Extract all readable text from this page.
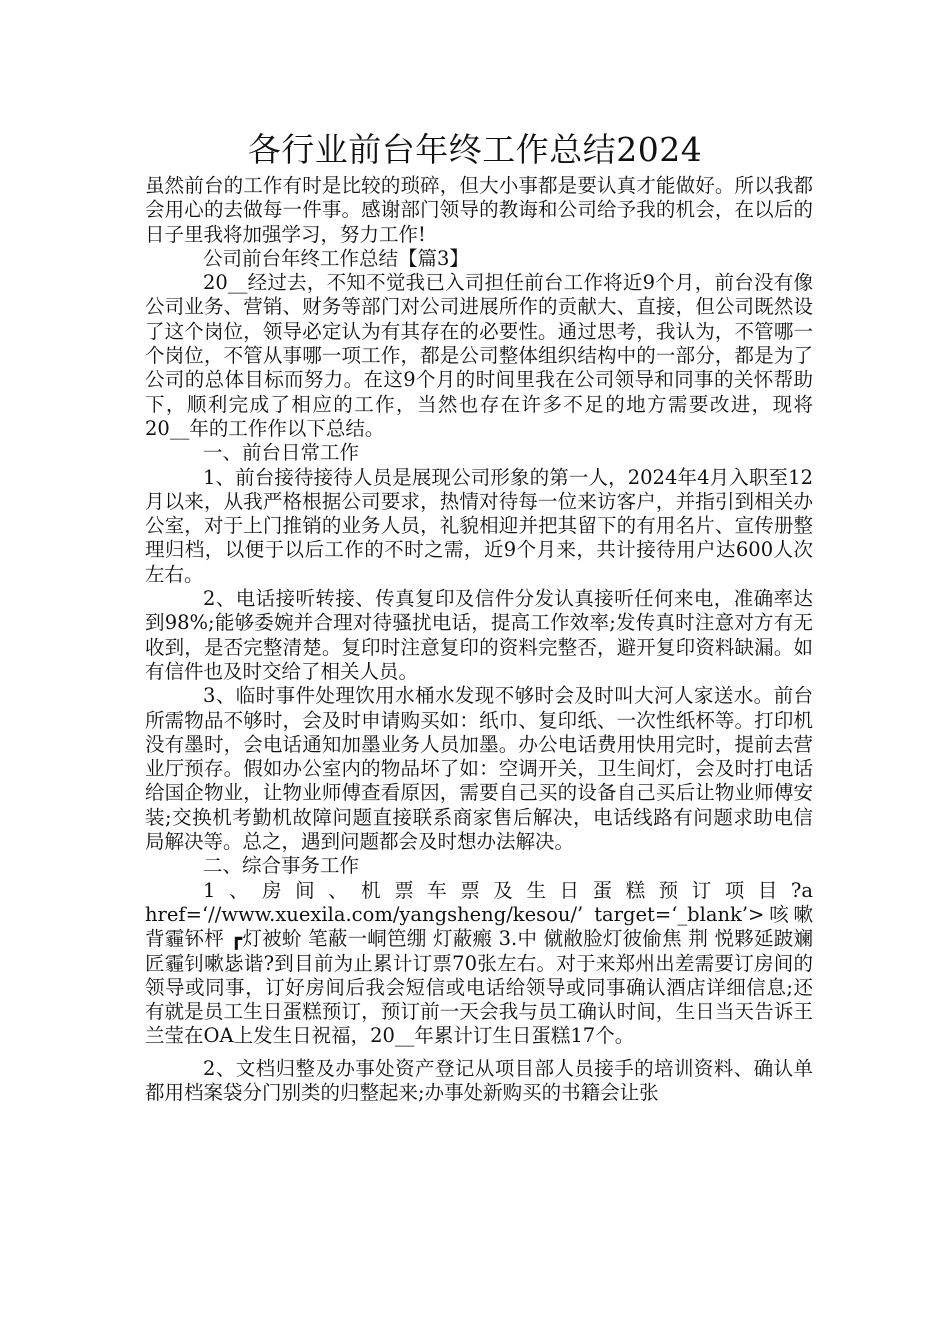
各行业前台年终工作总结2024

虽然前台的工作有时是比较的琐碎，但大小事都是要认真才能做好。所以我都会用心的去做每一件事。感谢部门领导的教诲和公司给予我的机会，在以后的日子里我将加强学习，努力工作!

公司前台年终工作总结【篇3】

20__经过去，不知不觉我已入司担任前台工作将近9个月，前台没有像公司业务、营销、财务等部门对公司进展所作的贡献大、直接，但公司既然设了这个岗位，领导必定认为有其存在的必要性。通过思考，我认为，不管哪一个岗位，不管从事哪一项工作，都是公司整体组织结构中的一部分，都是为了公司的总体目标而努力。在这9个月的时间里我在公司领导和同事的关怀帮助下，顺利完成了相应的工作，当然也存在许多不足的地方需要改进，现将20__年的工作作以下总结。

一、前台日常工作

1、前台接待接待人员是展现公司形象的第一人，2024年4月入职至12月以来，从我严格根据公司要求，热情对待每一位来访客户，并指引到相关办公室，对于上门推销的业务人员，礼貌相迎并把其留下的有用名片、宣传册整理归档，以便于以后工作的不时之需，近9个月来，共计接待用户达600人次左右。

2、电话接听转接、传真复印及信件分发认真接听任何来电，准确率达到98%;能够委婉并合理对待骚扰电话，提高工作效率;发传真时注意对方有无收到，是否完整清楚。复印时注意复印的资料完整否，避开复印资料缺漏。如有信件也及时交给了相关人员。

3、临时事件处理饮用水桶水发现不够时会及时叫大河人家送水。前台所需物品不够时，会及时申请购买如：纸巾、复印纸、一次性纸杯等。打印机没有墨时，会电话通知加墨业务人员加墨。办公电话费用快用完时，提前去营业厅预存。假如办公室内的物品坏了如：空调开关，卫生间灯，会及时打电话给国企物业，让物业师傅查看原因，需要自己买的设备自己买后让物业师傅安装;交换机考勤机故障问题直接联系商家售后解决，电话线路有问题求助电信局解决等。总之，遇到问题都会及时想办法解决。

二、综合事务工作

1、房间、机票车票及生日蛋糕预订项目?a href=‘//www.xuexila.com/yangsheng/kesou/’ target=‘_blank’>咳嗽背霾钚枰 ┏灯被蚧 笔蔽一峒笆绷 灯蔽瘢 3.中 僦敝脸灯彼偷焦 荆 悦夥延跛斓匠霾钊嗽毖谐?到目前为止累计订票70张左右。对于来郑州出差需要订房间的领导或同事，订好房间后我会短信或电话给领导或同事确认酒店详细信息;还有就是员工生日蛋糕预订，预订前一天会我与员工确认时间，生日当天告诉王兰莹在OA上发生日祝福，20__年累计订生日蛋糕17个。

2、文档归整及办事处资产登记从项目部人员接手的培训资料、确认单都用档案袋分门别类的归整起来;办事处新购买的书籍会让张
